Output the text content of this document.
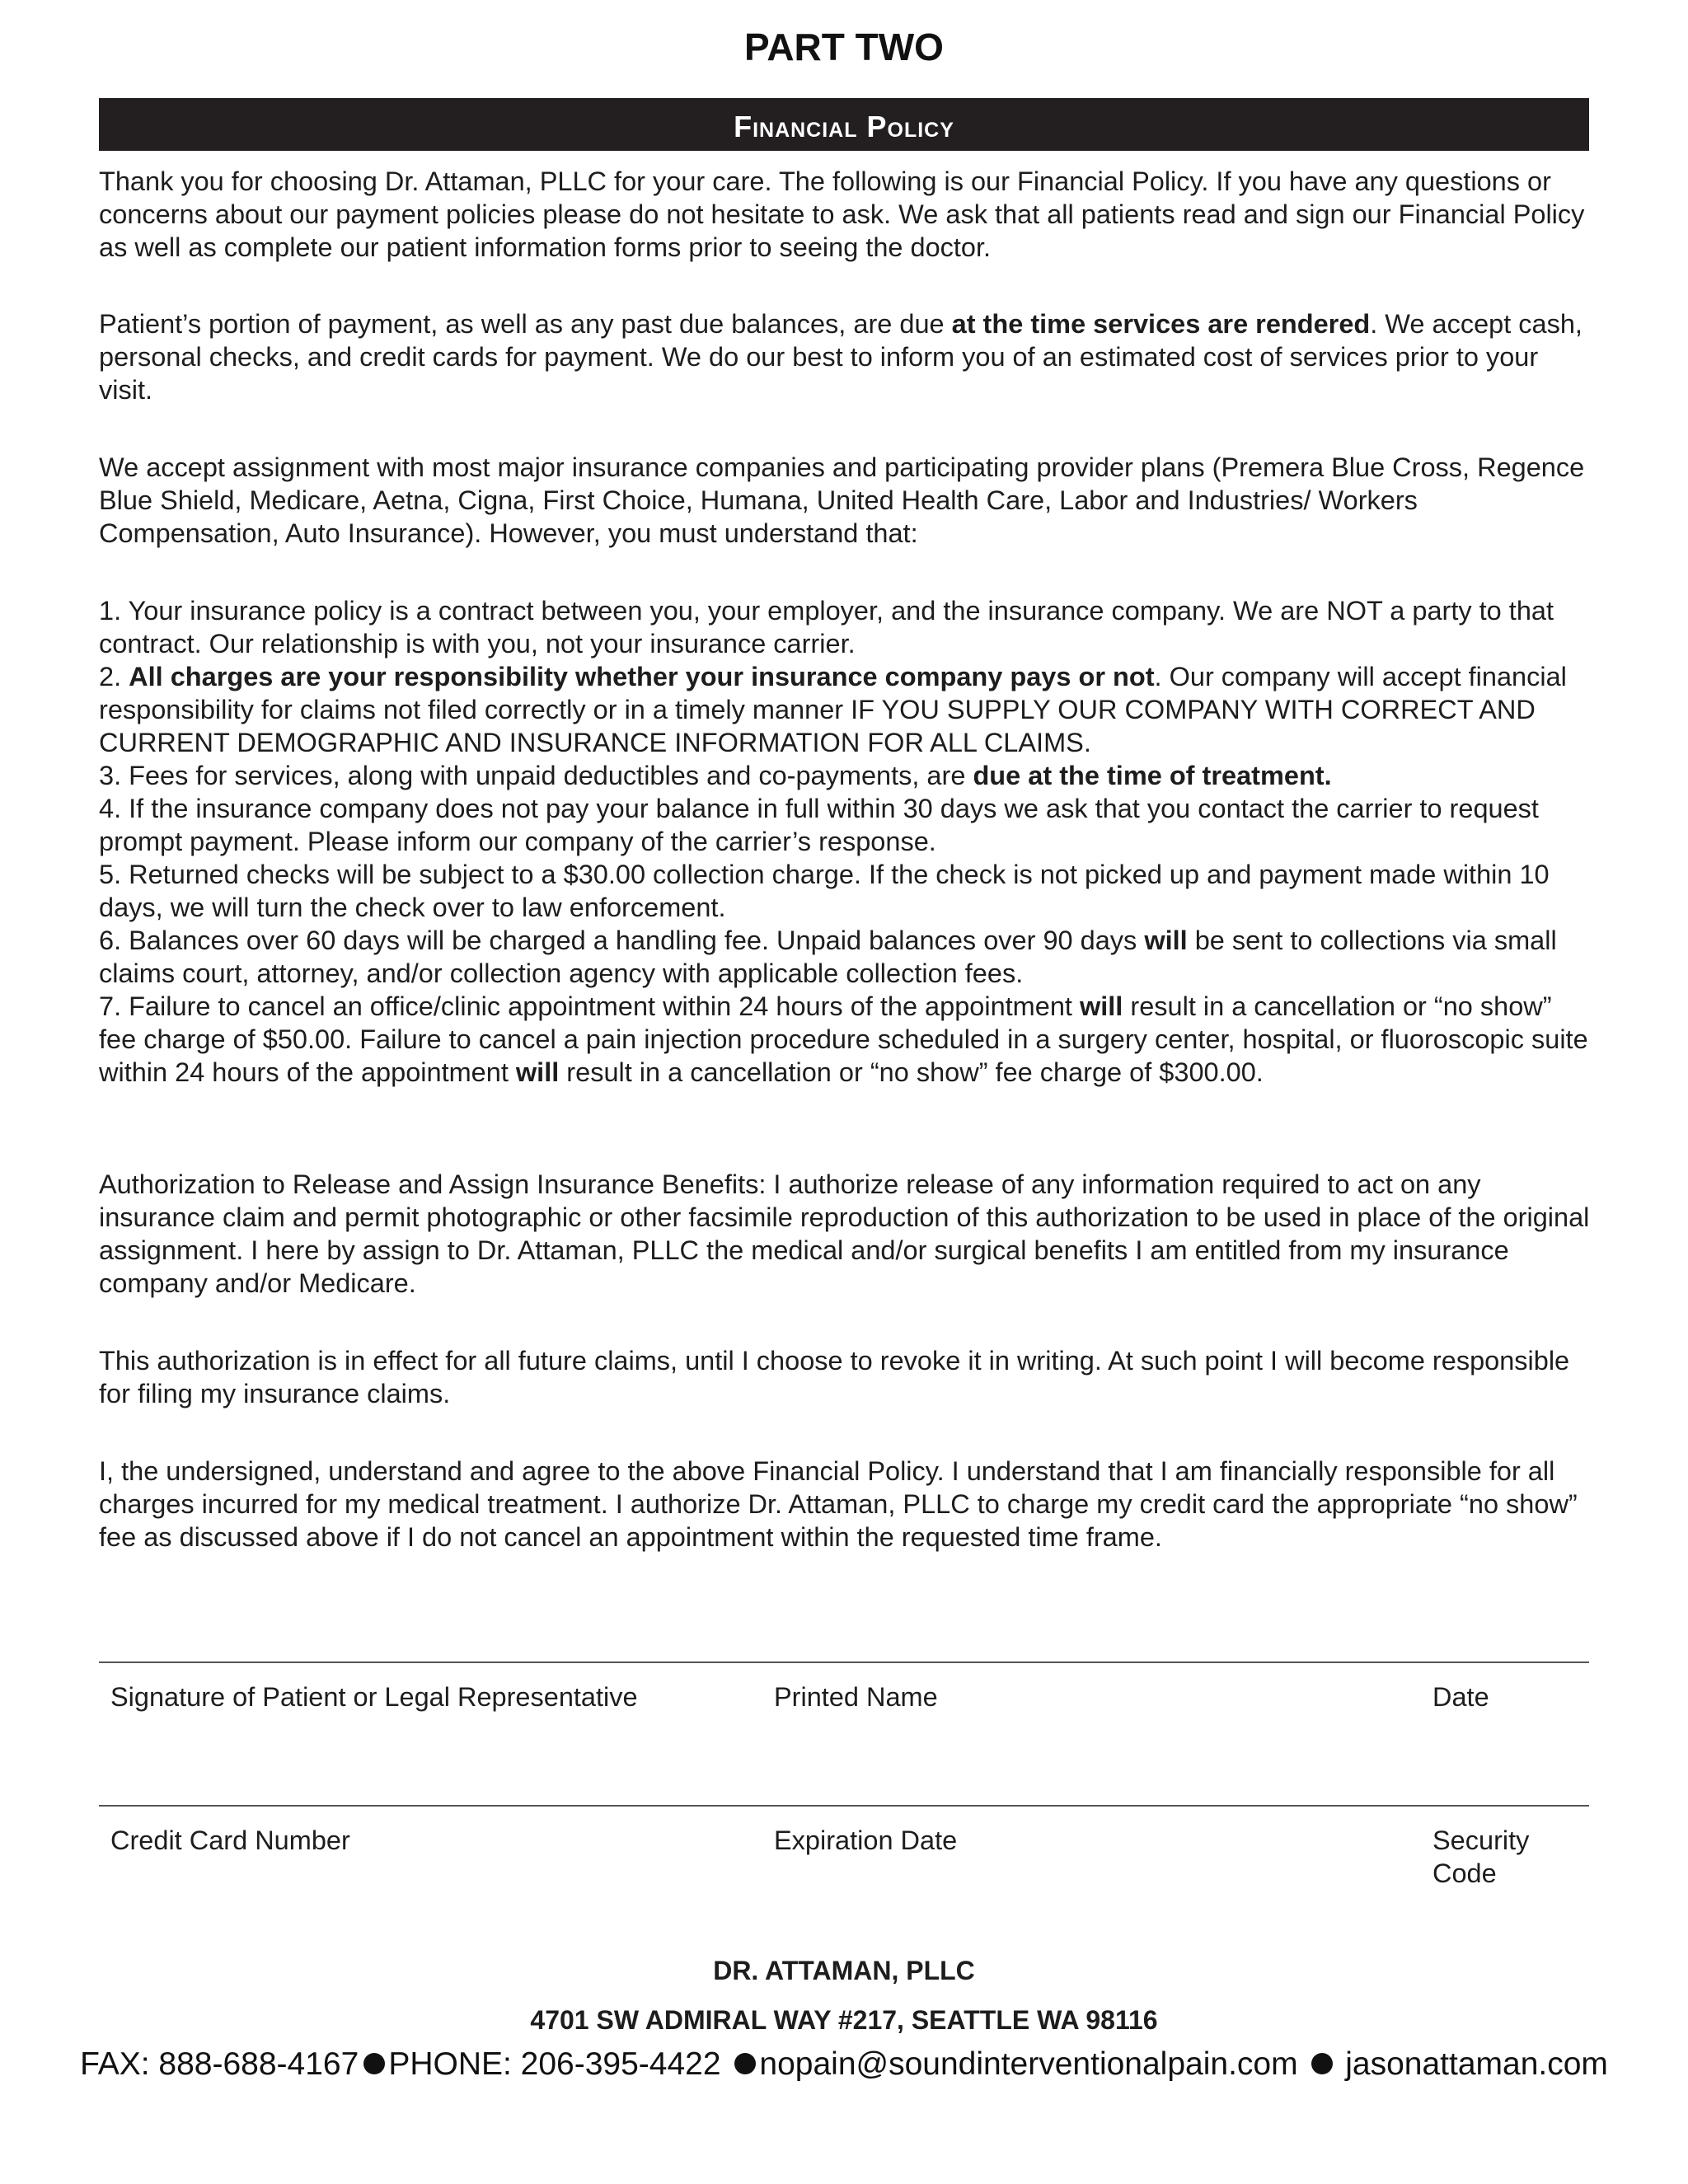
PART TWO
Financial Policy

Thank you for choosing Dr. Attaman, PLLC for your care. The following is our Financial Policy. If you have any questions or concerns about our payment policies please do not hesitate to ask. We ask that all patients read and sign our Financial Policy as well as complete our patient information forms prior to seeing the doctor.

Patient’s portion of payment, as well as any past due balances, are due at the time services are rendered. We accept cash, personal checks, and credit cards for payment. We do our best to inform you of an estimated cost of services prior to your visit.

We accept assignment with most major insurance companies and participating provider plans (Premera Blue Cross, Regence Blue Shield, Medicare, Aetna, Cigna, First Choice, Humana, United Health Care, Labor and Industries/ Workers Compensation, Auto Insurance). However, you must understand that:

1. Your insurance policy is a contract between you, your employer, and the insurance company. We are NOT a party to that contract. Our relationship is with you, not your insurance carrier.

2. All charges are your responsibility whether your insurance company pays or not. Our company will accept financial responsibility for claims not filed correctly or in a timely manner IF YOU SUPPLY OUR COMPANY WITH CORRECT AND CURRENT DEMOGRAPHIC AND INSURANCE INFORMATION FOR ALL CLAIMS.

3. Fees for services, along with unpaid deductibles and co-payments, are due at the time of treatment.

4. If the insurance company does not pay your balance in full within 30 days we ask that you contact the carrier to request prompt payment. Please inform our company of the carrier’s response.

5. Returned checks will be subject to a $30.00 collection charge. If the check is not picked up and payment made within 10 days, we will turn the check over to law enforcement.

6. Balances over 60 days will be charged a handling fee. Unpaid balances over 90 days will be sent to collections via small claims court, attorney, and/or collection agency with applicable collection fees.

7. Failure to cancel an office/clinic appointment within 24 hours of the appointment will result in a cancellation or “no show” fee charge of $50.00. Failure to cancel a pain injection procedure scheduled in a surgery center, hospital, or fluoroscopic suite within 24 hours of the appointment will result in a cancellation or “no show” fee charge of $300.00.

Authorization to Release and Assign Insurance Benefits: I authorize release of any information required to act on any insurance claim and permit photographic or other facsimile reproduction of this authorization to be used in place of the original assignment. I here by assign to Dr. Attaman, PLLC the medical and/or surgical benefits I am entitled from my insurance company and/or Medicare.

This authorization is in effect for all future claims, until I choose to revoke it in writing. At such point I will become responsible for filing my insurance claims.

I, the undersigned, understand and agree to the above Financial Policy. I understand that I am financially responsible for all charges incurred for my medical treatment. I authorize Dr. Attaman, PLLC to charge my credit card the appropriate “no show” fee as discussed above if I do not cancel an appointment within the requested time frame.

Signature of Patient or Legal Representative	Printed Name	Date
Credit Card Number	Expiration Date	Security
Code
DR. ATTAMAN, PLLC
4701 SW ADMIRAL WAY #217, SEATTLE WA 98116
FAX: 888-688-4167 PHONE: 206-395-4422 nopain@soundinterventionalpain.com  jasonattaman.com
